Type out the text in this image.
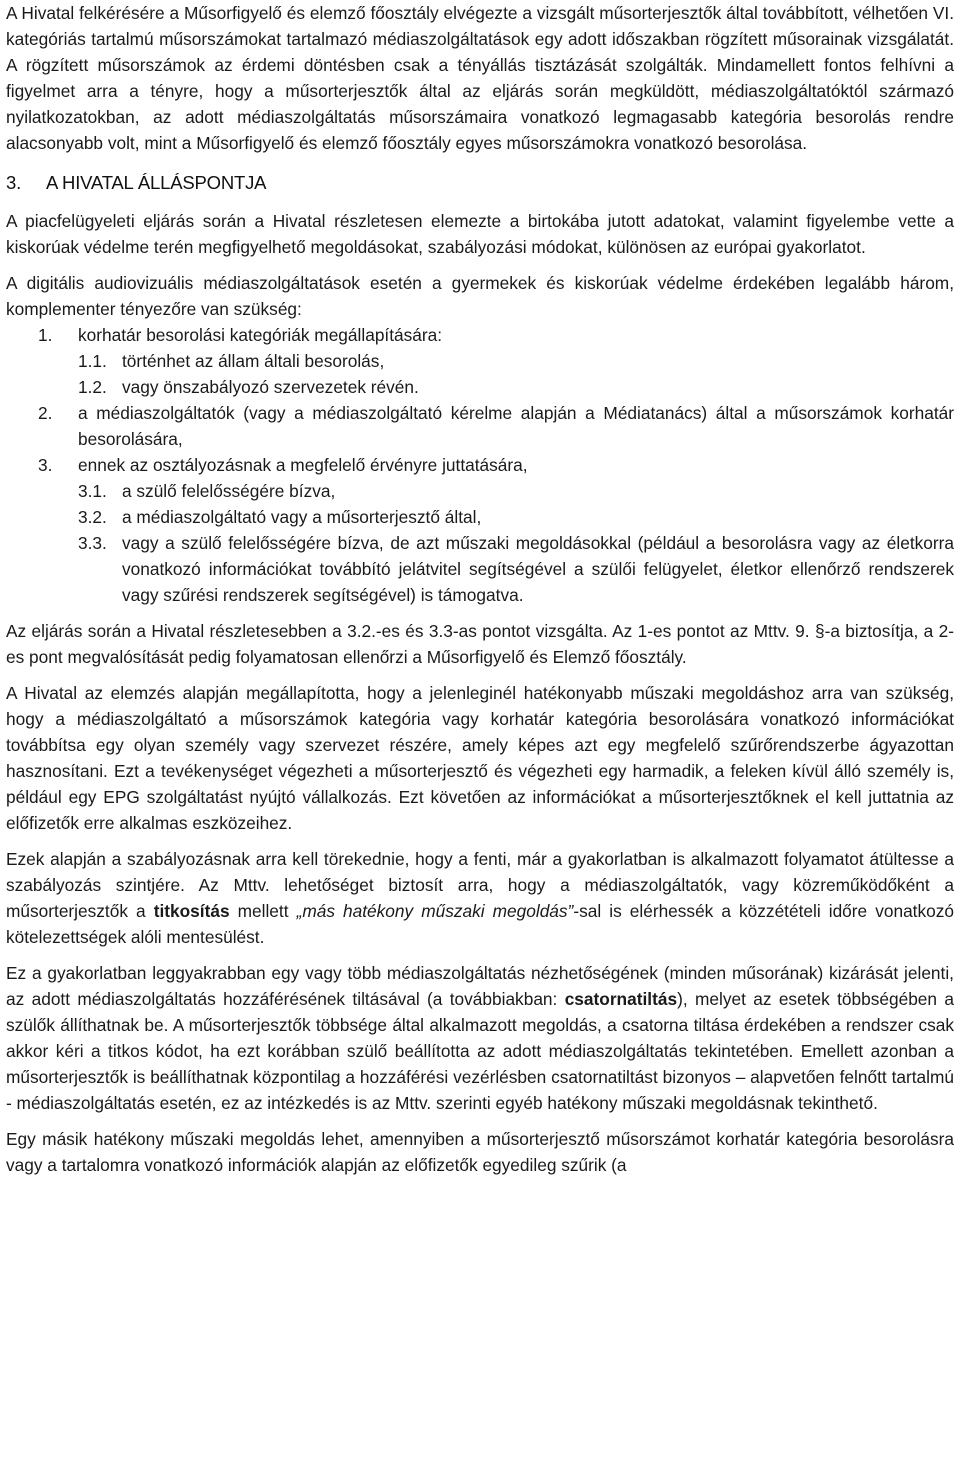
A Hivatal felkérésére a Műsorfigyelő és elemző főosztály elvégezte a vizsgált műsorterjesztők által továbbított, vélhetően VI. kategóriás tartalmú műsorszámokat tartalmazó médiaszolgáltatások egy adott időszakban rögzített műsorainak vizsgálatát. A rögzített műsorszámok az érdemi döntésben csak a tényállás tisztázását szolgálták. Mindamellett fontos felhívni a figyelmet arra a tényre, hogy a műsorterjesztők által az eljárás során megküldött, médiaszolgáltatóktól származó nyilatkozatokban, az adott médiaszolgáltatás műsorszámaira vonatkozó legmagasabb kategória besorolás rendre alacsonyabb volt, mint a Műsorfigyelő és elemző főosztály egyes műsorszámokra vonatkozó besorolása.

3. A HIVATAL ÁLLÁSPONTJA

A piacfelügyeleti eljárás során a Hivatal részletesen elemezte a birtokába jutott adatokat, valamint figyelembe vette a kiskorúak védelme terén megfigyelhető megoldásokat, szabályozási módokat, különösen az európai gyakorlatot.

A digitális audiovizuális médiaszolgáltatások esetén a gyermekek és kiskorúak védelme érdekében legalább három, komplementer tényezőre van szükség:

1.	korhatár besorolási kategóriák megállapítására:
1.1. történhet az állam általi besorolás,
1.2. vagy önszabályozó szervezetek révén.
2.	a médiaszolgáltatók (vagy a médiaszolgáltató kérelme alapján a Médiatanács) által a műsorszámok korhatár besorolására,
3.	ennek az osztályozásnak a megfelelő érvényre juttatására,
3.1. a szülő felelősségére bízva,
3.2. a médiaszolgáltató vagy a műsorterjesztő által,
3.3. vagy a szülő felelősségére bízva, de azt műszaki megoldásokkal (például a besorolásra vagy az életkorra vonatkozó információkat továbbító jelátvitel segítségével a szülői felügyelet, életkor ellenőrző rendszerek vagy szűrési rendszerek segítségével) is támogatva.

Az eljárás során a Hivatal részletesebben a 3.2.-es és 3.3-as pontot vizsgálta. Az 1-es pontot az Mttv. 9. §-a biztosítja, a 2-es pont megvalósítását pedig folyamatosan ellenőrzi a Műsorfigyelő és Elemző főosztály.

A Hivatal az elemzés alapján megállapította, hogy a jelenleginél hatékonyabb műszaki megoldáshoz arra van szükség, hogy a médiaszolgáltató a műsorszámok kategória vagy korhatár kategória besorolására vonatkozó információkat továbbítsa egy olyan személy vagy szervezet részére, amely képes azt egy megfelelő szűrőrendszerbe ágyazottan hasznosítani. Ezt a tevékenységet végezheti a műsorterjesztő és végezheti egy harmadik, a feleken kívül álló személy is, például egy EPG szolgáltatást nyújtó vállalkozás. Ezt követően az információkat a műsorterjesztőknek el kell juttatnia az előfizetők erre alkalmas eszközeihez.

Ezek alapján a szabályozásnak arra kell törekednie, hogy a fenti, már a gyakorlatban is alkalmazott folyamatot átültesse a szabályozás szintjére. Az Mttv. lehetőséget biztosít arra, hogy a médiaszolgáltatók, vagy közreműködőként a műsorterjesztők a titkosítás mellett „más hatékony műszaki megoldás”-sal is elérhessék a közzétételi időre vonatkozó kötelezettségek alóli mentesülést.

Ez a gyakorlatban leggyakrabban egy vagy több médiaszolgáltatás nézhetőségének (minden műsorának) kizárását jelenti, az adott médiaszolgáltatás hozzáférésének tiltásával (a továbbiakban: csatornatiltás), melyet az esetek többségében a szülők állíthatnak be. A műsorterjesztők többsége által alkalmazott megoldás, a csatorna tiltása érdekében a rendszer csak akkor kéri a titkos kódot, ha ezt korábban szülő beállította az adott médiaszolgáltatás tekintetében. Emellett azonban a műsorterjesztők is beállíthatnak központilag a hozzáférési vezérlésben csatornatiltást bizonyos – alapvetően felnőtt tartalmú - médiaszolgáltatás esetén, ez az intézkedés is az Mttv. szerinti egyéb hatékony műszaki megoldásnak tekinthető.

Egy másik hatékony műszaki megoldás lehet, amennyiben a műsorterjesztő műsorszámot korhatár kategória besorolásra vagy a tartalomra vonatkozó információk alapján az előfizetők egyedileg szűrik (a
